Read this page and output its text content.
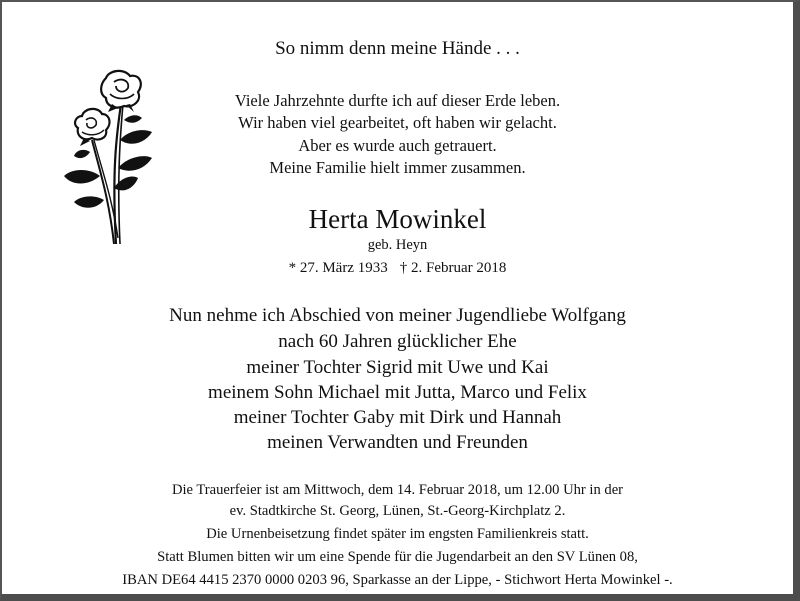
So nimm denn meine Hände . . .
Viele Jahrzehnte durfte ich auf dieser Erde leben.
Wir haben viel gearbeitet, oft haben wir gelacht.
Aber es wurde auch getrauert.
Meine Familie hielt immer zusammen.
Herta Mowinkel
geb. Heyn
* 27. März 1933 † 2. Februar 2018
Nun nehme ich Abschied von meiner Jugendliebe Wolfgang
nach 60 Jahren glücklicher Ehe
meiner Tochter Sigrid mit Uwe und Kai
meinem Sohn Michael mit Jutta, Marco und Felix
meiner Tochter Gaby mit Dirk und Hannah
meinen Verwandten und Freunden
Die Trauerfeier ist am Mittwoch, dem 14. Februar 2018, um 12.00 Uhr in der
ev. Stadtkirche St. Georg, Lünen, St.-Georg-Kirchplatz 2.
Die Urnenbeisetzung findet später im engsten Familienkreis statt.
Statt Blumen bitten wir um eine Spende für die Jugendarbeit an den SV Lünen 08,
IBAN DE64 4415 2370 0000 0203 96, Sparkasse an der Lippe, - Stichwort Herta Mowinkel -.
